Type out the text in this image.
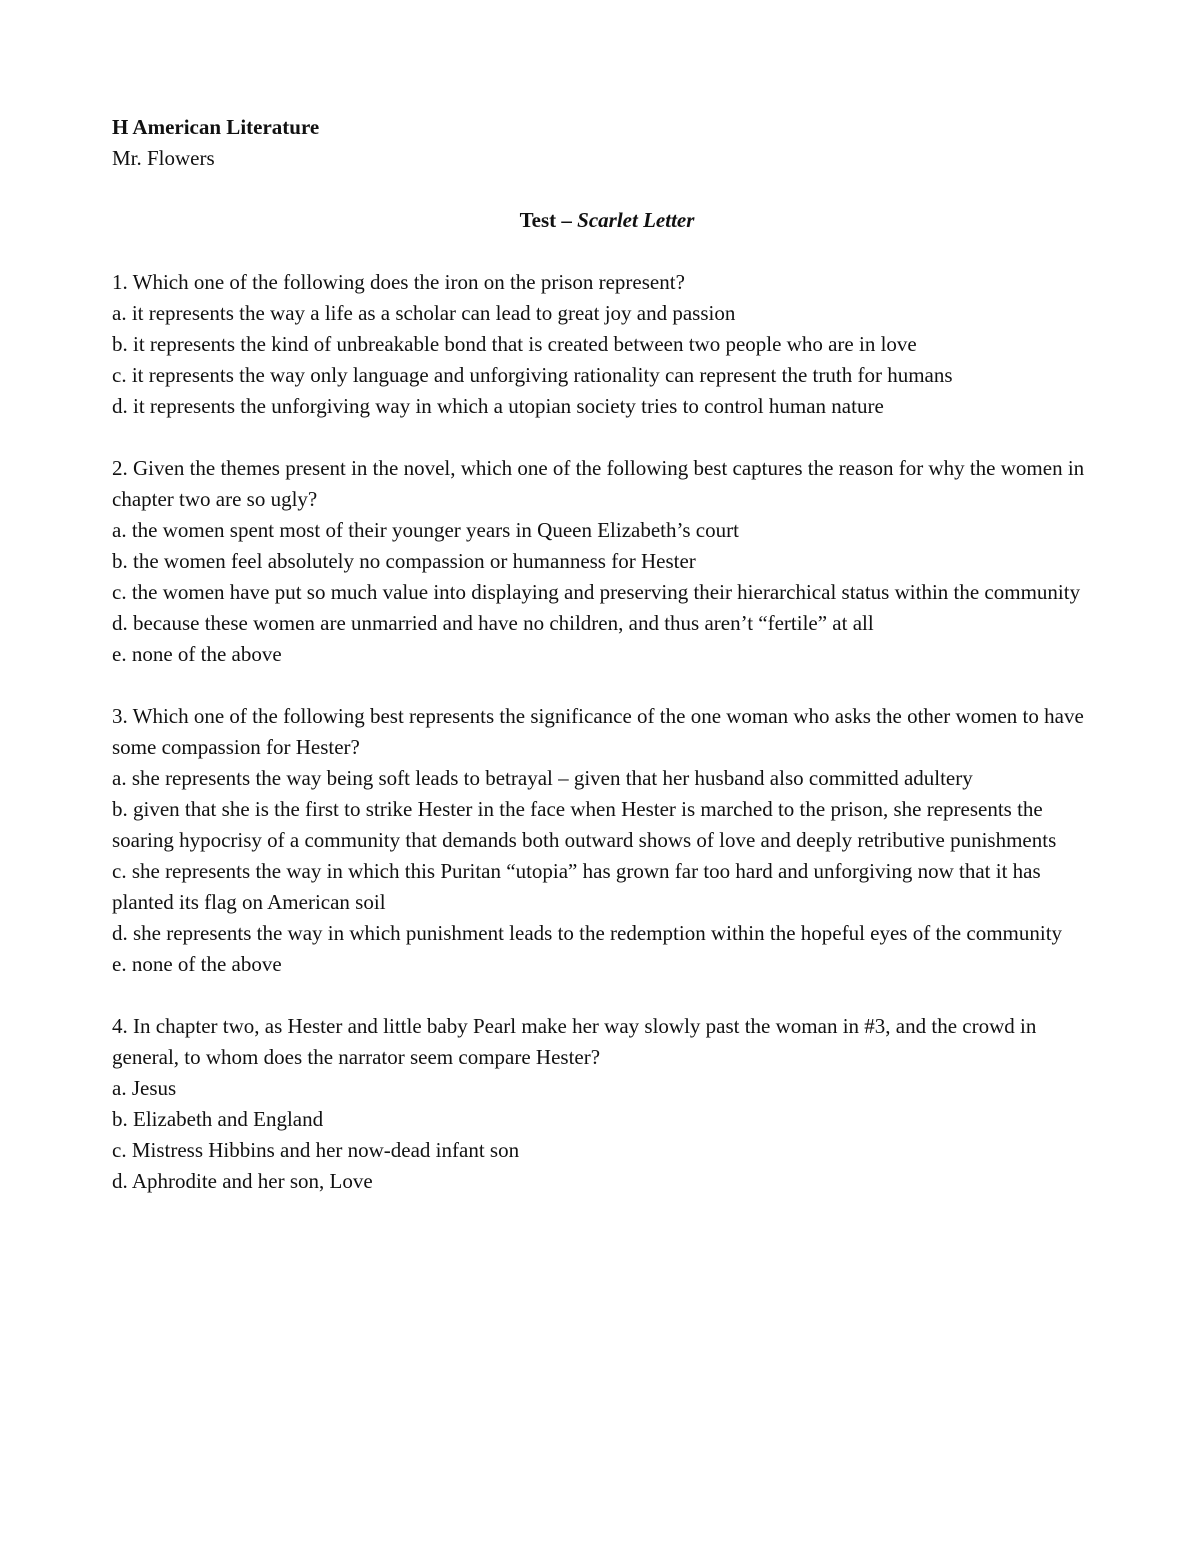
H American Literature
Mr. Flowers
Test – Scarlet Letter
1. Which one of the following does the iron on the prison represent?
a. it represents the way a life as a scholar can lead to great joy and passion
b. it represents the kind of unbreakable bond that is created between two people who are in love
c. it represents the way only language and unforgiving rationality can represent the truth for humans
d. it represents the unforgiving way in which a utopian society tries to control human nature
2. Given the themes present in the novel, which one of the following best captures the reason for why the women in chapter two are so ugly?
a. the women spent most of their younger years in Queen Elizabeth’s court
b. the women feel absolutely no compassion or humanness for Hester
c. the women have put so much value into displaying and preserving their hierarchical status within the community
d. because these women are unmarried and have no children, and thus aren’t “fertile” at all
e. none of the above
3. Which one of the following best represents the significance of the one woman who asks the other women to have some compassion for Hester?
a. she represents the way being soft leads to betrayal – given that her husband also committed adultery
b. given that she is the first to strike Hester in the face when Hester is marched to the prison, she represents the soaring hypocrisy of a community that demands both outward shows of love and deeply retributive punishments
c. she represents the way in which this Puritan “utopia” has grown far too hard and unforgiving now that it has planted its flag on American soil
d. she represents the way in which punishment leads to the redemption within the hopeful eyes of the community
e. none of the above
4. In chapter two, as Hester and little baby Pearl make her way slowly past the woman in #3, and the crowd in general, to whom does the narrator seem compare Hester?
a. Jesus
b. Elizabeth and England
c. Mistress Hibbins and her now-dead infant son
d. Aphrodite and her son, Love
